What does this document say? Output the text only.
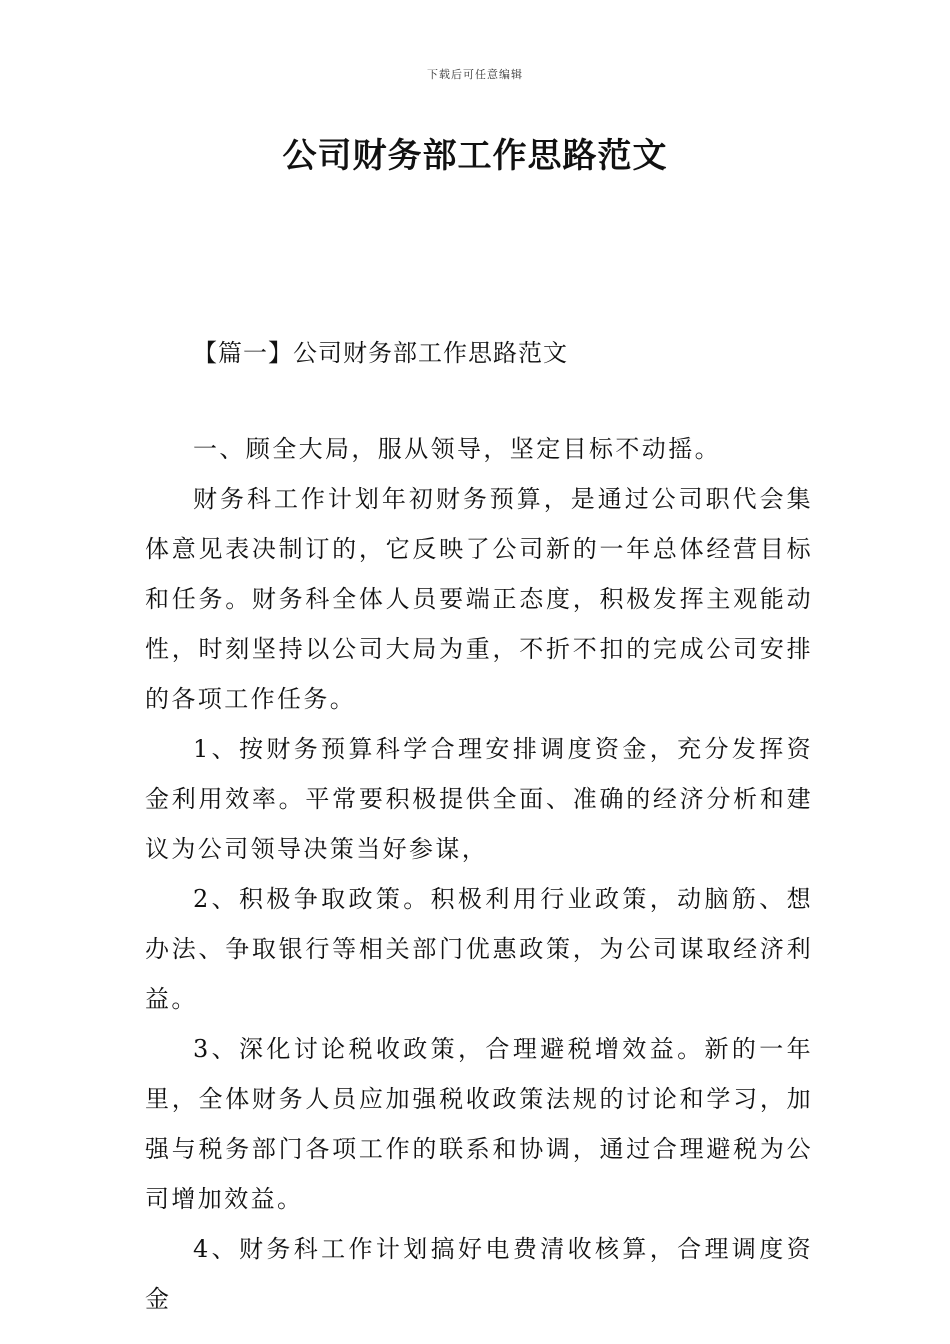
下载后可任意编辑
公司财务部工作思路范文
【篇一】公司财务部工作思路范文

一、顾全大局，服从领导，坚定目标不动摇。

财务科工作计划年初财务预算，是通过公司职代会集体意见表决制订的，它反映了公司新的一年总体经营目标和任务。财务科全体人员要端正态度，积极发挥主观能动性，时刻坚持以公司大局为重，不折不扣的完成公司安排的各项工作任务。

1、按财务预算科学合理安排调度资金，充分发挥资金利用效率。平常要积极提供全面、准确的经济分析和建议为公司领导决策当好参谋，

2、积极争取政策。积极利用行业政策，动脑筋、想办法、争取银行等相关部门优惠政策，为公司谋取经济利益。

3、深化讨论税收政策，合理避税增效益。新的一年里，全体财务人员应加强税收政策法规的讨论和学习，加强与税务部门各项工作的联系和协调，通过合理避税为公司增加效益。

4、财务科工作计划搞好电费清收核算，合理调度资金
